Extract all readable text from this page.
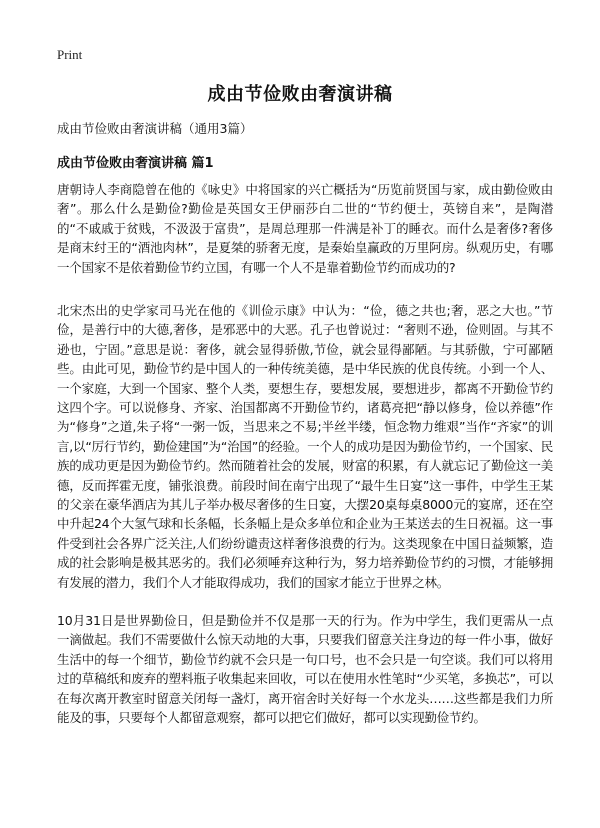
Print
成由节俭败由奢演讲稿
成由节俭败由奢演讲稿（通用3篇）
成由节俭败由奢演讲稿 篇1
唐朝诗人李商隐曾在他的《咏史》中将国家的兴亡概括为“历览前贤国与家，成由勤俭败由奢”。那么什么是勤俭?勤俭是英国女王伊丽莎白二世的“节约便士，英镑自来”，是陶潜的“不戚戚于贫贱，不汲汲于富贵”，是周总理那一件满是补丁的睡衣。而什么是奢侈?奢侈是商末纣王的“酒池肉林”，是夏桀的骄奢无度，是秦始皇赢政的万里阿房。纵观历史，有哪一个国家不是依着勤俭节约立国，有哪一个人不是靠着勤俭节约而成功的?
北宋杰出的史学家司马光在他的《训俭示康》中认为：“俭，德之共也;奢，恶之大也。”节俭，是善行中的大德,奢侈，是邪恶中的大恶。孔子也曾说过：“奢则不逊，俭则固。与其不逊也，宁固。”意思是说：奢侈，就会显得骄傲,节俭，就会显得鄙陋。与其骄傲，宁可鄙陋些。由此可见，勤俭节约是中国人的一种传统美德，是中华民族的优良传统。小到一个人、一个家庭，大到一个国家、整个人类，要想生存，要想发展，要想进步，都离不开勤俭节约这四个字。可以说修身、齐家、治国都离不开勤俭节约，诸葛亮把“静以修身，俭以养德”作为“修身”之道,朱子将“一粥一饭，当思来之不易;半丝半缕，恒念物力维艰”当作“齐家”的训言,以“厉行节约，勤俭建国”为“治国”的经验。一个人的成功是因为勤俭节约，一个国家、民族的成功更是因为勤俭节约。然而随着社会的发展，财富的积累，有人就忘记了勤俭这一美德，反而挥霍无度，铺张浪费。前段时间在南宁出现了“最牛生日宴”这一事件，中学生王某的父亲在豪华酒店为其儿子举办极尽奢侈的生日宴，大摆20桌每桌8000元的宴席，还在空中升起24个大氢气球和长条幅，长条幅上是众多单位和企业为王某送去的生日祝福。这一事件受到社会各界广泛关注,人们纷纷谴责这样奢侈浪费的行为。这类现象在中国日益频繁，造成的社会影响是极其恶劣的。我们必须唾弃这种行为，努力培养勤俭节约的习惯，才能够拥有发展的潜力，我们个人才能取得成功，我们的国家才能立于世界之林。
10月31日是世界勤俭日，但是勤俭并不仅是那一天的行为。作为中学生，我们更需从一点一滴做起。我们不需要做什么惊天动地的大事，只要我们留意关注身边的每一件小事，做好生活中的每一个细节，勤俭节约就不会只是一句口号，也不会只是一句空谈。我们可以将用过的草稿纸和废弃的塑料瓶子收集起来回收，可以在使用水性笔时“少买笔，多换芯”，可以在每次离开教室时留意关闭每一盏灯，离开宿舍时关好每一个水龙头……这些都是我们力所能及的事，只要每个人都留意观察，都可以把它们做好，都可以实现勤俭节约。
